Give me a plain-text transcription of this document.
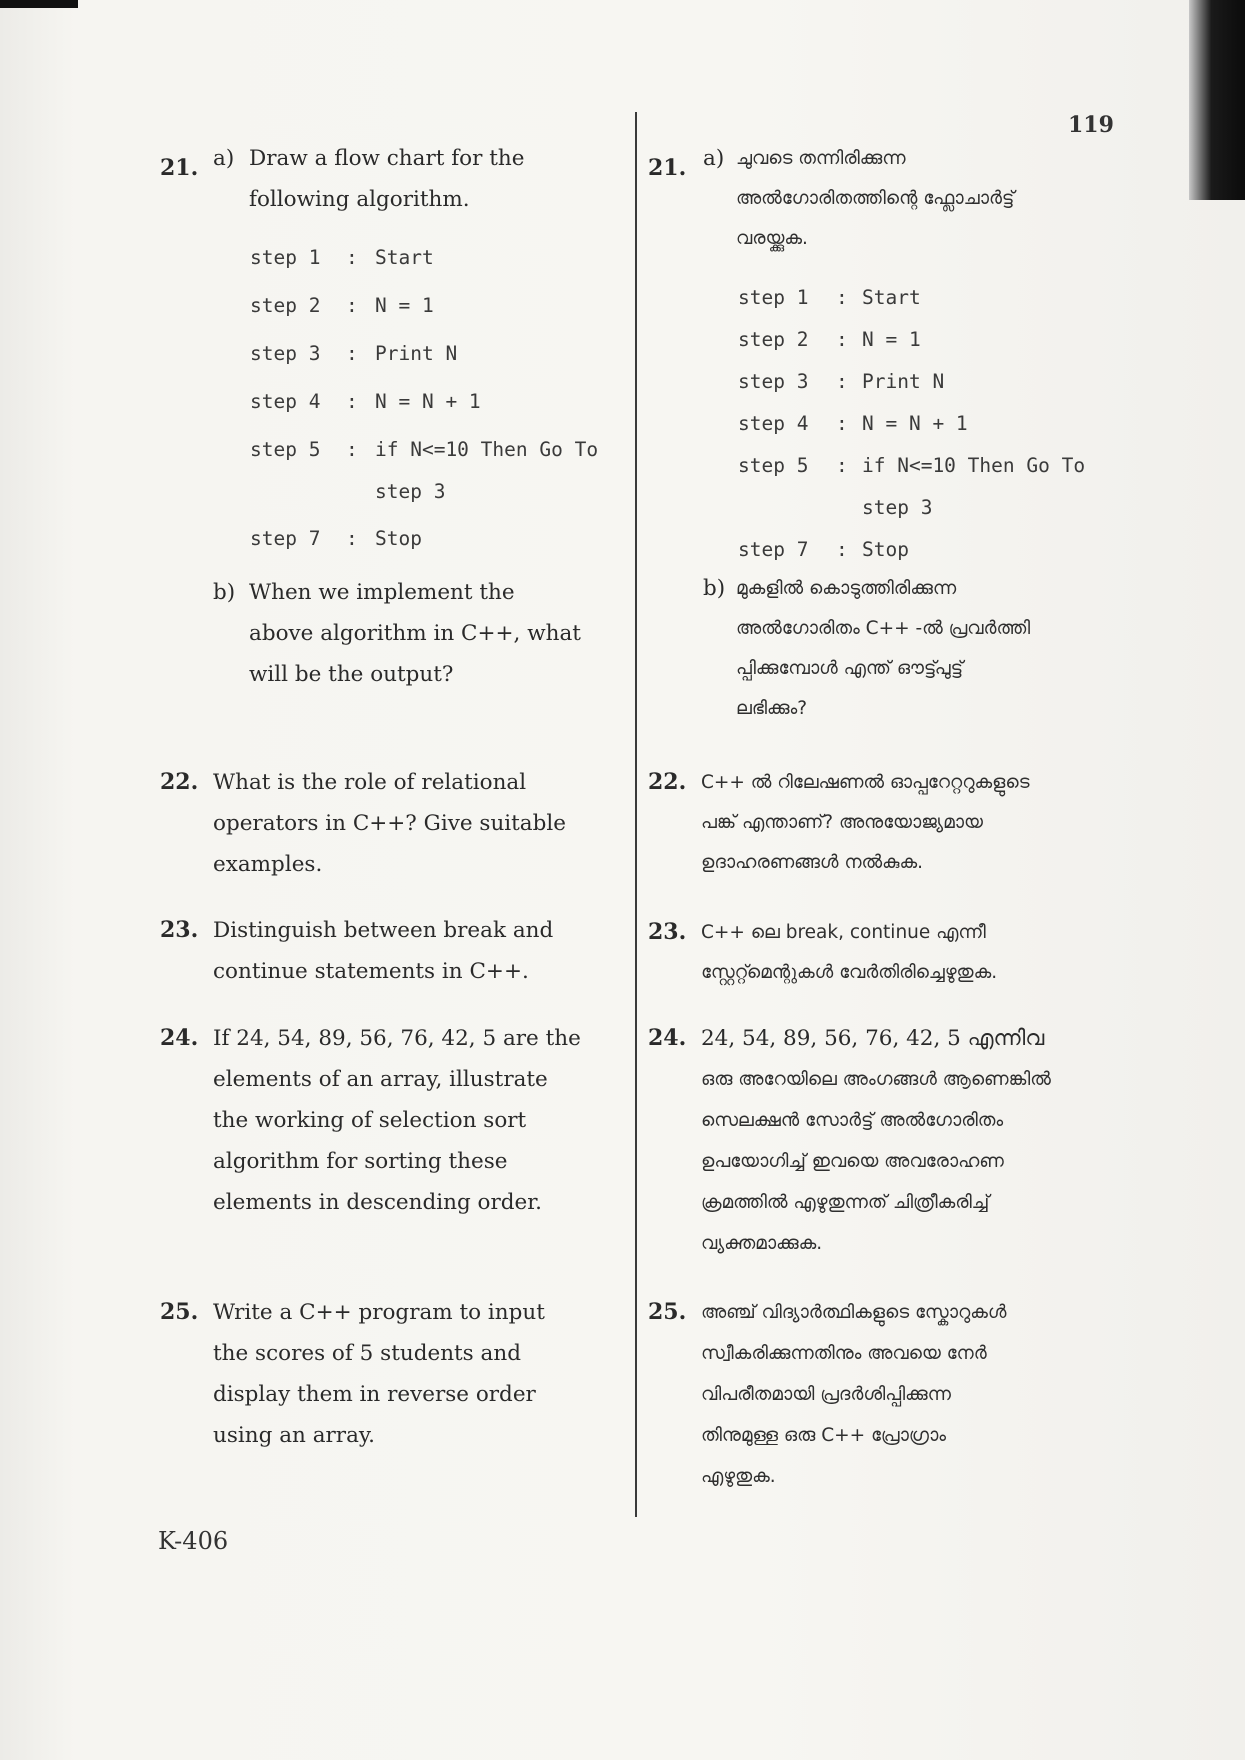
119
21. a) Draw a flow chart for the
following algorithm.
step 1 : Start
step 2 : N = 1
step 3 : Print N
step 4 : N = N + 1
step 5 : if N<=10 Then Go To
step 3
step 7 : Stop
b) When we implement the
above algorithm in C++, what
will be the output?
22. What is the role of relational
operators in C++? Give suitable
examples.
23. Distinguish between break and
continue statements in C++.
24. If 24, 54, 89, 56, 76, 42, 5 are the
elements of an array, illustrate
the working of selection sort
algorithm for sorting these
elements in descending order.
25. Write a C++ program to input
the scores of 5 students and
display them in reverse order
using an array.
21. a) ചുവടെ തന്നിരിക്കുന്ന
അൽഗോരിതത്തിന്റെ ഫ്ലോചാർട്ട്
വരയ്ക്കുക.
step 1 : Start
step 2 : N = 1
step 3 : Print N
step 4 : N = N + 1
step 5 : if N<=10 Then Go To
step 3
step 7 : Stop
b) മുകളിൽ കൊടുത്തിരിക്കുന്ന
അൽഗോരിതം C++ -ൽ പ്രവർത്തി
പ്പിക്കുമ്പോൾ എന്ത് ഔട്ട്പുട്ട്
ലഭിക്കും?
22. C++ ൽ റിലേഷണൽ ഓപ്പറേറ്ററുകളുടെ
പങ്ക് എന്താണ്? അനുയോജ്യമായ
ഉദാഹരണങ്ങൾ നൽകുക.
23. C++ ലെ break, continue എന്നീ
സ്റ്റേറ്റ്മെന്റുകൾ വേർതിരിച്ചെഴുതുക.
24. 24, 54, 89, 56, 76, 42, 5 എന്നിവ
ഒരു അറേയിലെ അംഗങ്ങൾ ആണെങ്കിൽ
സെലക്ഷൻ സോർട്ട് അൽഗോരിതം
ഉപയോഗിച്ച് ഇവയെ അവരോഹണ
ക്രമത്തിൽ എഴുതുന്നത് ചിത്രീകരിച്ച്
വ്യക്തമാക്കുക.
25. അഞ്ച് വിദ്യാർത്ഥികളുടെ സ്കോറുകൾ
സ്വീകരിക്കുന്നതിനും അവയെ നേർ
വിപരീതമായി പ്രദർശിപ്പിക്കുന്ന
തിനുമുള്ള ഒരു C++ പ്രോഗ്രാം
എഴുതുക.
K-406
